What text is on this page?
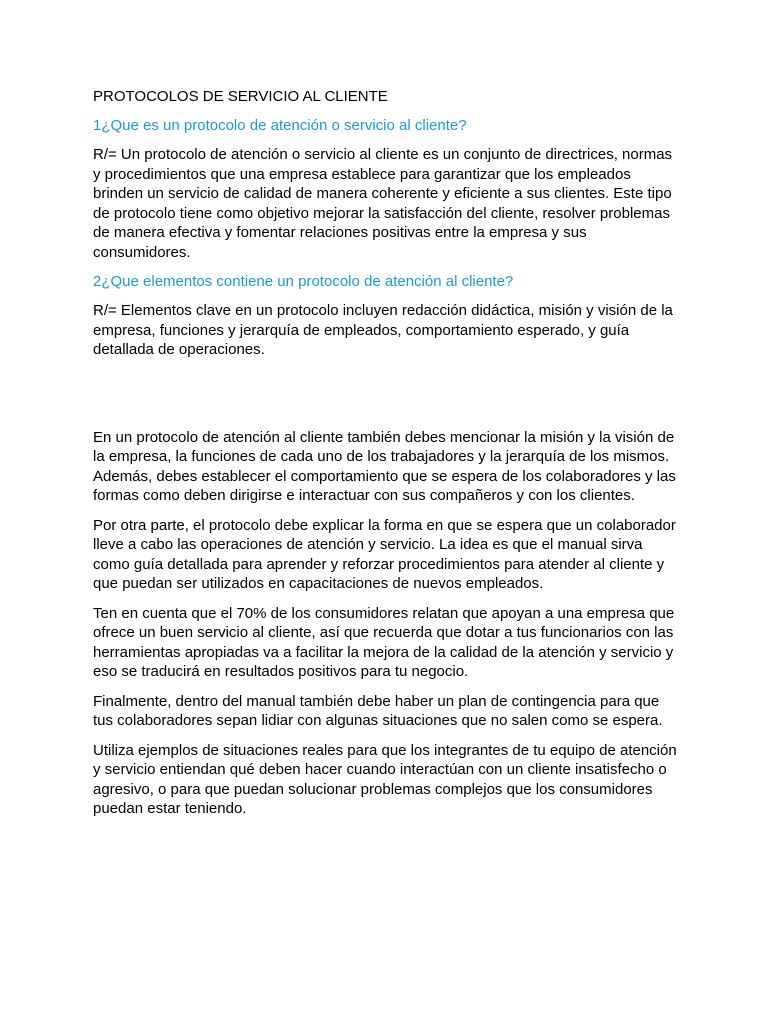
PROTOCOLOS DE SERVICIO AL CLIENTE
1¿Que es un protocolo de atención o servicio al cliente?
R/= Un protocolo de atención o servicio al cliente es un conjunto de directrices, normas y procedimientos que una empresa establece para garantizar que los empleados brinden un servicio de calidad de manera coherente y eficiente a sus clientes. Este tipo de protocolo tiene como objetivo mejorar la satisfacción del cliente, resolver problemas de manera efectiva y fomentar relaciones positivas entre la empresa y sus consumidores.
2¿Que elementos contiene un protocolo de atención al cliente?
R/= Elementos clave en un protocolo incluyen redacción didáctica, misión y visión de la empresa, funciones y jerarquía de empleados, comportamiento esperado, y guía detallada de operaciones.
En un protocolo de atención al cliente también debes mencionar la misión y la visión de la empresa, la funciones de cada uno de los trabajadores y la jerarquía de los mismos. Además, debes establecer el comportamiento que se espera de los colaboradores y las formas como deben dirigirse e interactuar con sus compañeros y con los clientes.
Por otra parte, el protocolo debe explicar la forma en que se espera que un colaborador lleve a cabo las operaciones de atención y servicio. La idea es que el manual sirva como guía detallada para aprender y reforzar procedimientos para atender al cliente y que puedan ser utilizados en capacitaciones de nuevos empleados.
Ten en cuenta que el 70% de los consumidores relatan que apoyan a una empresa que ofrece un buen servicio al cliente, así que recuerda que dotar a tus funcionarios con las herramientas apropiadas va a facilitar la mejora de la calidad de la atención y servicio y eso se traducirá en resultados positivos para tu negocio.
Finalmente, dentro del manual también debe haber un plan de contingencia para que tus colaboradores sepan lidiar con algunas situaciones que no salen como se espera.
Utiliza ejemplos de situaciones reales para que los integrantes de tu equipo de atención y servicio entiendan qué deben hacer cuando interactúan con un cliente insatisfecho o agresivo, o para que puedan solucionar problemas complejos que los consumidores puedan estar teniendo.
